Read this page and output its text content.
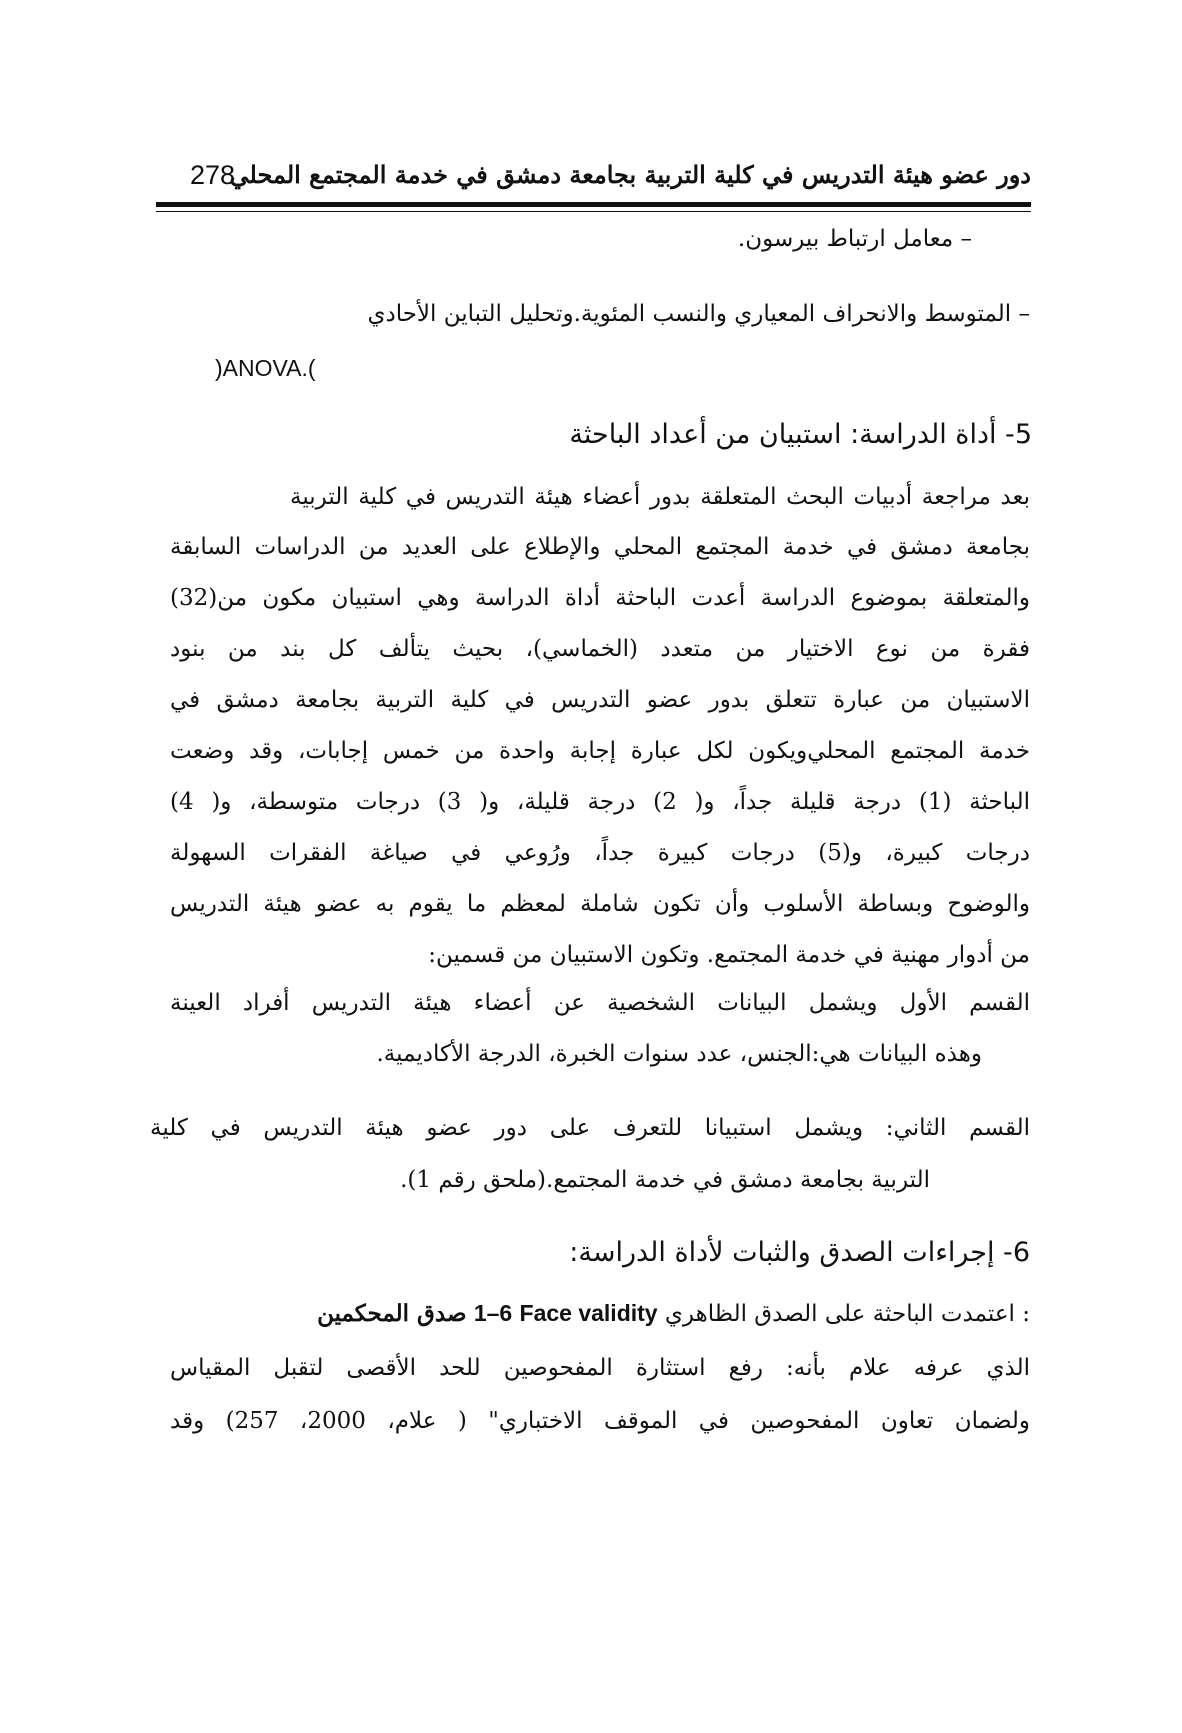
278
دور عضو هيئة التدريس في كلية التربية بجامعة دمشق في خدمة المجتمع المحلي
– معامل ارتباط بيرسون.
– المتوسط والانحراف المعياري والنسب المئوية.وتحليل التباين الأحادي
)ANOVA.(
5- أداة الدراسة: استبيان من أعداد الباحثة
بعد مراجعة أدبيات البحث المتعلقة بدور أعضاء هيئة التدريس في كلية التربية
بجامعة دمشق في خدمة المجتمع المحلي والإطلاع على العديد من الدراسات السابقة
والمتعلقة بموضوع الدراسة أعدت الباحثة أداة الدراسة وهي استبيان مكون من(32)
فقرة من نوع الاختيار من متعدد (الخماسي)، بحيث يتألف كل بند من بنود
الاستبيان من عبارة تتعلق بدور عضو التدريس في كلية التربية بجامعة دمشق في
خدمة المجتمع المحلي‌ويكون لكل عبارة إجابة واحدة من خمس إجابات، وقد وضعت
الباحثة (1) درجة قليلة جداً، و( 2) درجة قليلة، و( 3) درجات متوسطة، و( 4)
درجات كبيرة، و(5) درجات كبيرة جداً، ورُوعي في صياغة الفقرات السهولة
والوضوح وبساطة الأسلوب وأن تكون شاملة لمعظم ما يقوم به عضو هيئة التدريس
من أدوار مهنية في خدمة المجتمع. وتكون الاستبيان من قسمين:
القسم الأول ويشمل البيانات الشخصية عن أعضاء هيئة التدريس أفراد العينة
وهذه البيانات هي:الجنس، عدد سنوات الخبرة، الدرجة الأكاديمية.
القسم الثاني: ويشمل استبيانا للتعرف على دور عضو هيئة التدريس في كلية
التربية بجامعة دمشق في خدمة المجتمع.(ملحق رقم 1).
6- إجراءات الصدق والثبات لأداة الدراسة:
: اعتمدت الباحثة على الصدق الظاهري Face validity 1–6 صدق المحكمين
الذي عرفه علام بأنه: رفع استثارة المفحوصين للحد الأقصى لتقبل المقياس
ولضمان تعاون المفحوصين في الموقف الاختباري" ( علام، 2000، 257) وقد
